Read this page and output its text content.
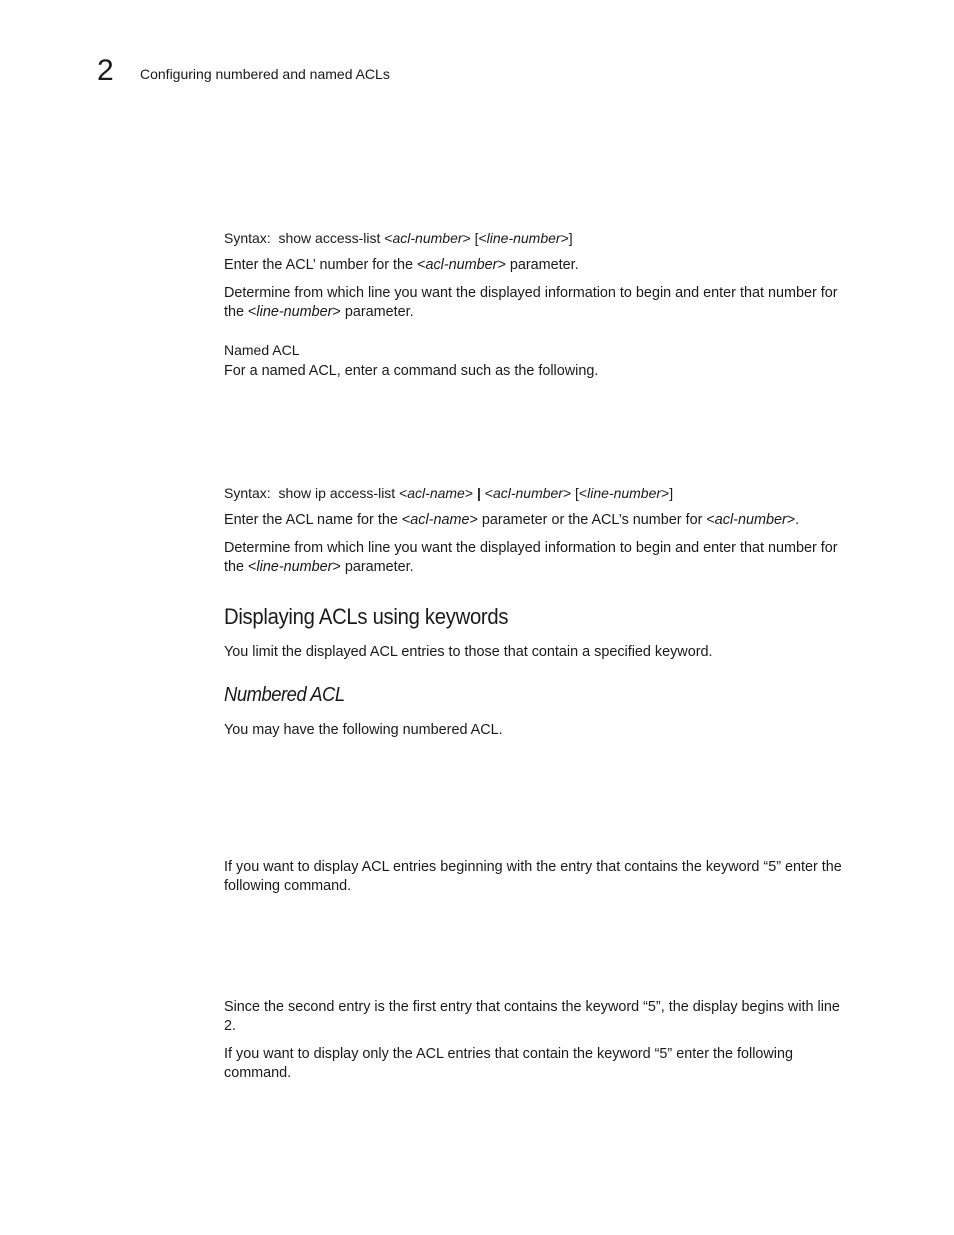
2 Configuring numbered and named ACLs
Syntax: show access-list <acl-number> [<line-number>]
Enter the ACL’ number for the <acl-number> parameter.
Determine from which line you want the displayed information to begin and enter that number for
the <line-number> parameter.
Named ACL
For a named ACL, enter a command such as the following.
Syntax: show ip access-list <acl-name> | <acl-number> [<line-number>]
Enter the ACL name for the <acl-name> parameter or the ACL’s number for <acl-number>.
Determine from which line you want the displayed information to begin and enter that number for
the <line-number> parameter.
Displaying ACLs using keywords
You limit the displayed ACL entries to those that contain a specified keyword.
Numbered ACL
You may have the following numbered ACL.
If you want to display ACL entries beginning with the entry that contains the keyword “5” enter the
following command.
Since the second entry is the first entry that contains the keyword “5”, the display begins with line
2.
If you want to display only the ACL entries that contain the keyword “5” enter the following
command.
